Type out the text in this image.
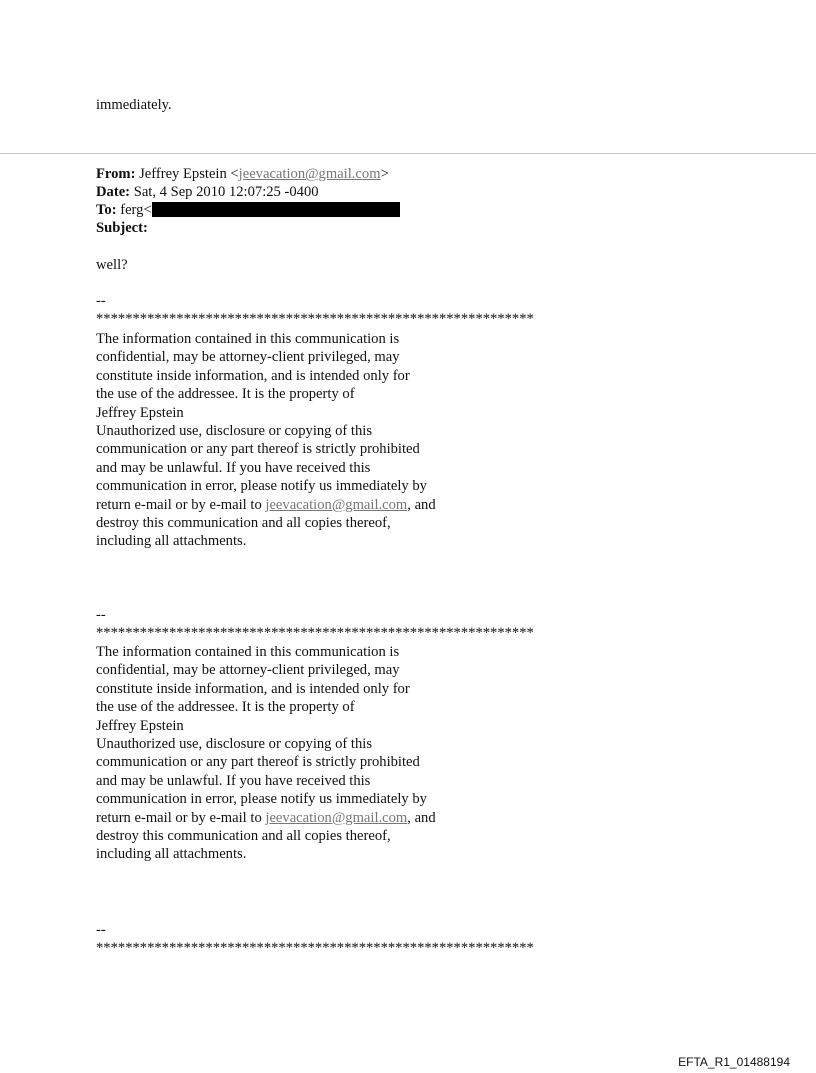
immediately.
From: Jeffrey Epstein <jeevacation@gmail.com>
Date: Sat, 4 Sep 2010 12:07:25 -0400
To: ferg<
Subject:
well?
--
************************************************************
The information contained in this communication is
confidential, may be attorney-client privileged, may
constitute inside information, and is intended only for
the use of the addressee. It is the property of
Jeffrey Epstein
Unauthorized use, disclosure or copying of this
communication or any part thereof is strictly prohibited
and may be unlawful. If you have received this
communication in error, please notify us immediately by
return e-mail or by e-mail to jeevacation@gmail.com, and
destroy this communication and all copies thereof,
including all attachments.
--
************************************************************
The information contained in this communication is
confidential, may be attorney-client privileged, may
constitute inside information, and is intended only for
the use of the addressee. It is the property of
Jeffrey Epstein
Unauthorized use, disclosure or copying of this
communication or any part thereof is strictly prohibited
and may be unlawful. If you have received this
communication in error, please notify us immediately by
return e-mail or by e-mail to jeevacation@gmail.com, and
destroy this communication and all copies thereof,
including all attachments.
--
************************************************************
EFTA_R1_01488194
